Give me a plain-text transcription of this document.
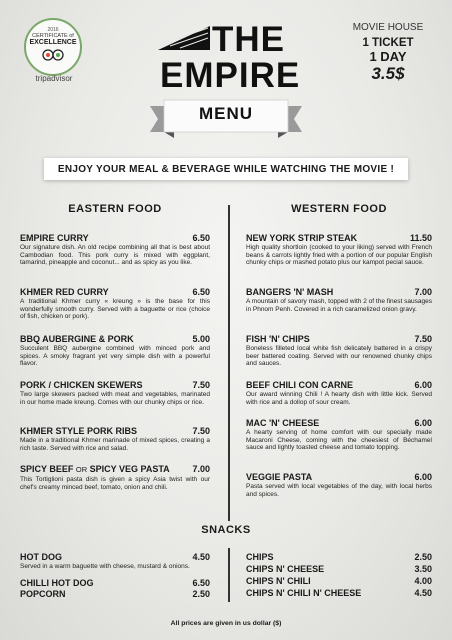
2016
CERTIFICATE of
EXCELLENCE
tripadvisor
THE
EMPIRE
MOVIE HOUSE
1 TICKET
1 DAY
3.5$
MENU
ENJOY YOUR MEAL & BEVERAGE WHILE WATCHING THE MOVIE !
EASTERN FOOD	WESTERN FOOD
EMPIRE CURRY	6.50
Our signature dish. An old recipe combining all that is best about Cambodian food. This pork curry is mixed with eggplant, tamarind, pineapple and coconut... and as spicy as you like.
KHMER RED CURRY	6.50
A traditional Khmer curry « kreung » is the base for this wonderfully smooth curry. Served with a baguette or rice (choice of fish, chicken or pork).
BBQ AUBERGINE & PORK	5.00
Succulent BBQ aubergine combined with minced pork and spices. A smoky fragrant yet very simple dish with a powerful flavor.
PORK / CHICKEN SKEWERS	7.50
Two large skewers packed with meat and vegetables, marinated in our home made kreung. Comes with our chunky chips or rice.
KHMER STYLE PORK RIBS	7.50
Made in a traditional Khmer marinade of mixed spices, creating a rich taste. Served with rice and salad.
SPICY BEEF OR SPICY VEG PASTA	7.00
This Tortiglioni pasta dish is given a spicy Asia twist with our chef's creamy minced beef, tomato, onion and chili.
NEW YORK STRIP STEAK	11.50
High quality shortloin (cooked to your liking) served with French beans & carrots lightly fried with a portion of our popular English chunky chips or mashed potato plus our kampot pecial sauce.
BANGERS 'N' MASH	7.00
A mountain of savory mash, topped with 2 of the finest sausages in Phnom Penh. Covered in a rich caramelized onion gravy.
FISH 'N' CHIPS	7.50
Boneless filleted local white fish delicately battered in a crispy beer battered coating. Served with our renowned chunky chips and sauces.
BEEF CHILI CON CARNE	6.00
Our award winning Chili ! A hearty dish with little kick. Served with rice and a dollop of sour cream.
MAC 'N' CHEESE	6.00
A hearty serving of home comfort with our specially made Macaroni Cheese, coming with the cheesiest of Béchamel sauce and lightly toasted cheese and tomato topping.
VEGGIE PASTA	6.00
Pasta served with local vegetables of the day, with local herbs and spices.
SNACKS
HOT DOG	4.50
Served in a warm baguette with cheese, mustard & onions.
CHILLI HOT DOG	6.50
POPCORN	2.50
CHIPS	2.50
CHIPS N' CHEESE	3.50
CHIPS N' CHILI	4.00
CHIPS N' CHILI N' CHEESE	4.50
All prices are given in us dollar ($)
